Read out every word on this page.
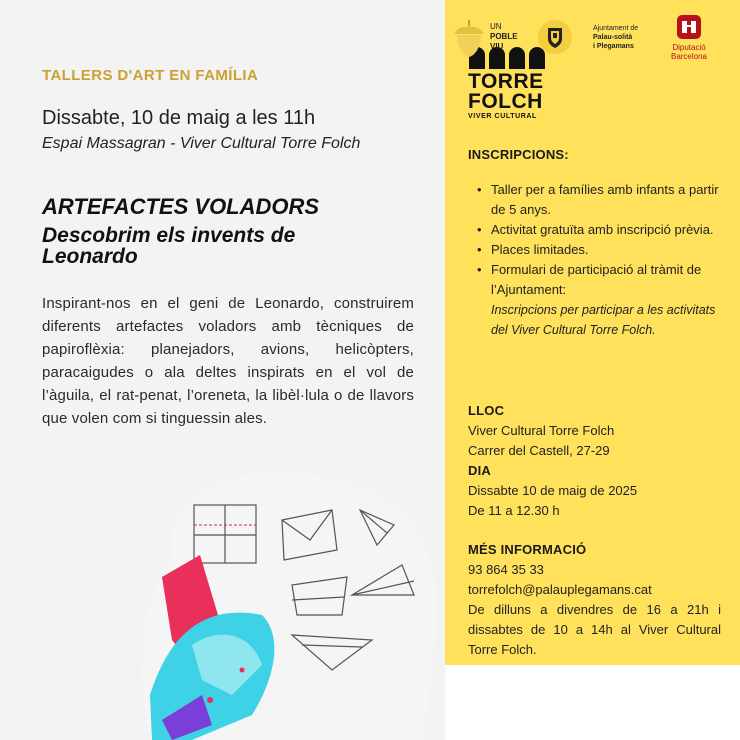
TALLERS D'ART EN FAMÍLIA
Dissabte, 10 de maig a les 11h
Espai Massagran - Viver Cultural Torre Folch
ARTEFACTES VOLADORS
Descobrim els invents de Leonardo
Inspirant-nos en el geni de Leonardo, construirem diferents artefactes voladors amb tècniques de papiroflèxia: planejadors, avions, helicòpters, paracaigudes o ala deltes inspirats en el vol de l’àguila, el rat-penat, l’oreneta, la libèl·lula o de llavors que volen com si tinguessin ales.
TORRE
FOLCH
VIVER CULTURAL
INSCRIPCIONS:
• Taller per a famílies amb infants a partir de 5 anys.
• Activitat gratuïta amb inscripció prèvia.
• Places limitades.
• Formulari de participació al tràmit de l’Ajuntament:
Inscripcions per participar a les activitats del Viver Cultural Torre Folch.
LLOC
Viver Cultural Torre Folch
Carrer del Castell, 27-29
DIA
Dissabte 10 de maig de 2025
De 11 a 12.30 h
MÉS INFORMACIÓ
93 864 35 33
torrefolch@palauplegamans.cat
De dilluns a divendres de 16 a 21h i dissabtes de 10 a 14h al Viver Cultural Torre Folch.
UN
POBLE
VIU
Ajuntament de
Palau-solità
i Plegamans	Diputació
Barcelona
